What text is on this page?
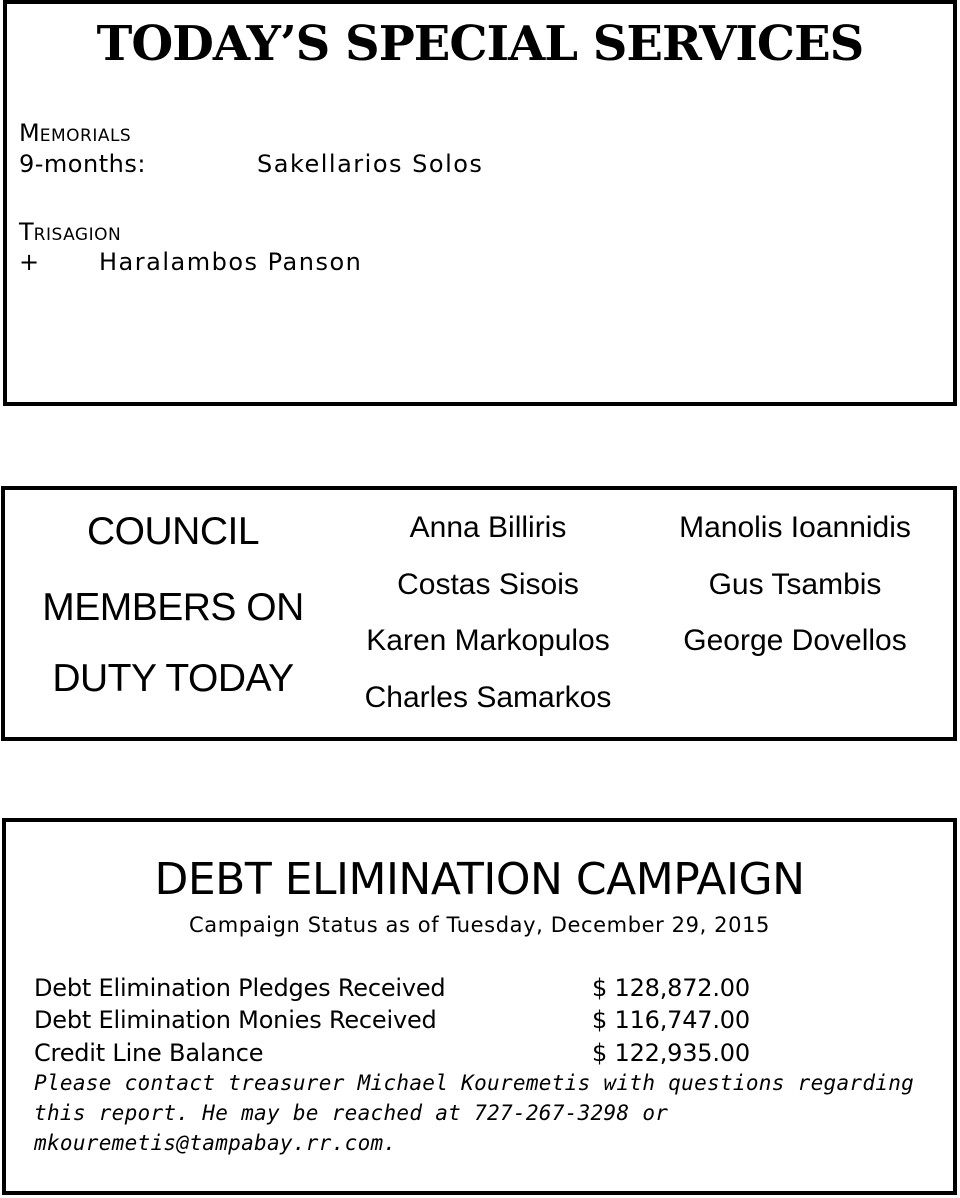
TODAY’S SPECIAL SERVICES
MEMORIALS
9-months:	Sakellarios Solos
TRISAGION
+ Haralambos Panson
COUNCIL
MEMBERS ON
DUTY TODAY
Anna Billiris
Costas Sisois
Karen Markopulos
Charles Samarkos
Manolis Ioannidis
Gus Tsambis
George Dovellos
DEBT ELIMINATION CAMPAIGN
Campaign Status as of Tuesday, December 29, 2015
Debt Elimination Pledges Received	$ 128,872.00
Debt Elimination Monies Received	$ 116,747.00
Credit Line Balance	$ 122,935.00
Please contact treasurer Michael Kouremetis with questions regarding this report. He may be reached at 727-267-3298 or mkouremetis@tampabay.rr.com.
